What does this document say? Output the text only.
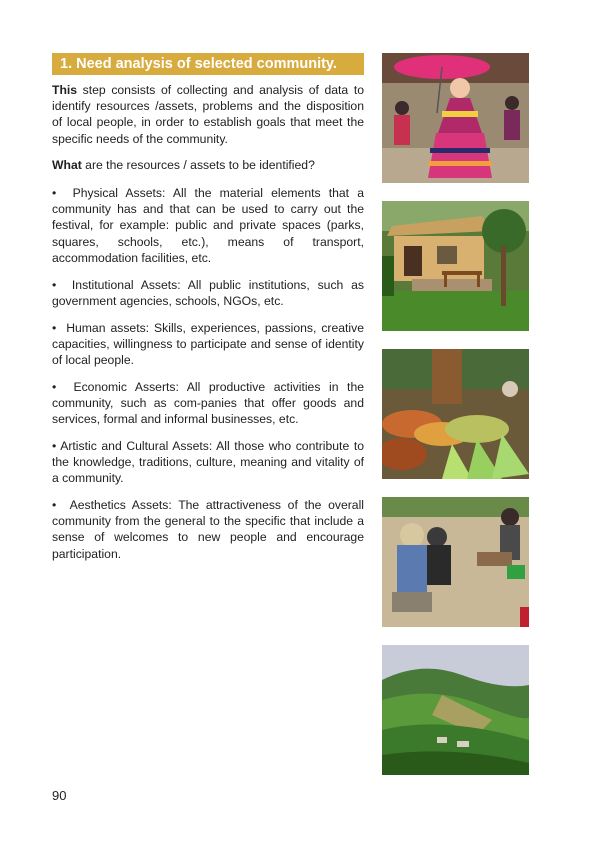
1. Need analysis of selected community.

This step consists of collecting and analysis of data to identify resources /assets, problems and the disposition of local people, in order to establish goals that meet the specific needs of the community.

What are the resources / assets to be identified?

• Physical Assets: All the material elements that a community has and that can be used to carry out the festival, for example: public and private spaces (parks, squares, schools, etc.), means of transport, accommodation facilities, etc.

• Institutional Assets: All public institutions, such as government agencies, schools, NGOs, etc.

• Human assets: Skills, experiences, passions, creative capacities, willingness to participate and sense of identity of local people.

• Economic Asserts: All productive activities in the community, such as com-panies that offer goods and services, formal and informal businesses, etc.

• Artistic and Cultural Assets: All those who contribute to the knowledge, traditions, culture, meaning and vitality of a community.

• Aesthetics Assets: The attractiveness of the overall community from the general to the specific that include a sense of welcomes to new people and encourage participation.

90
